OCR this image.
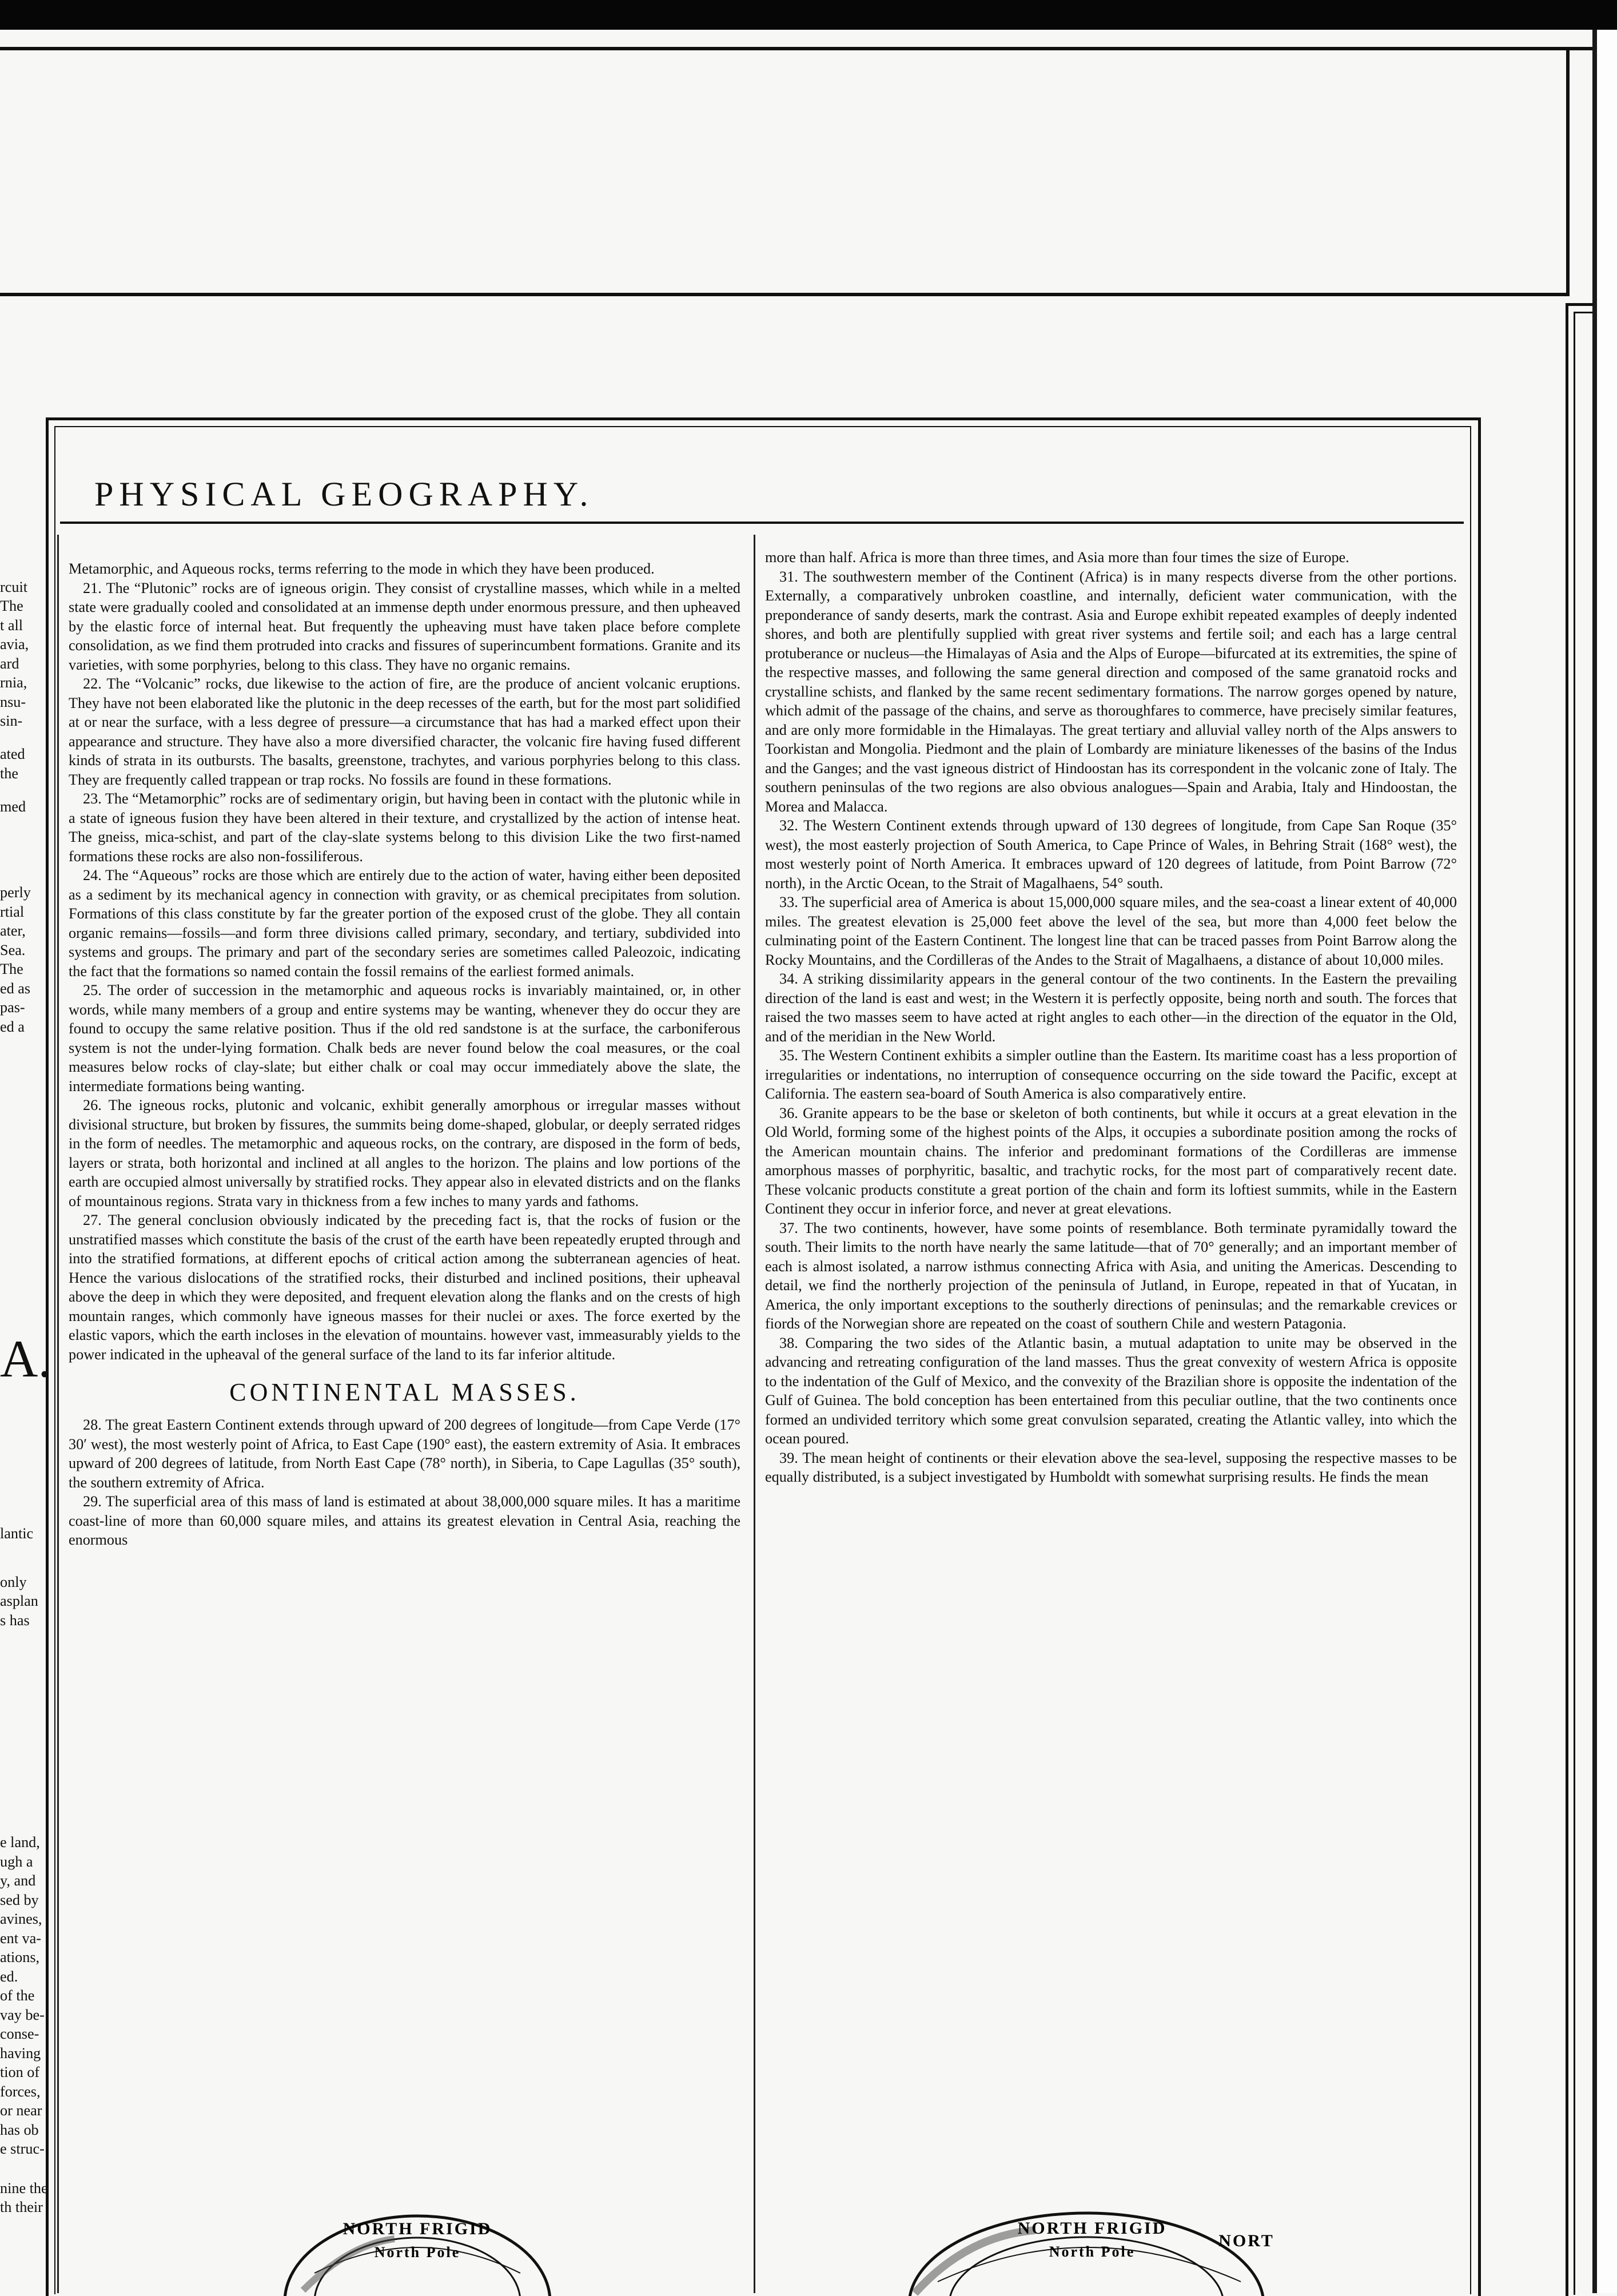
PHYSICAL GEOGRAPHY.
rcuit
The
t all
avia,
ard
rnia,
nsu-
sin-
ated
the
med
perly
rtial
ater,
Sea.
The
ed as
pas-
ed a
lantic
only
asplan
s has
e land,
ugh a
y, and
sed by
avines,
ent va-
ations,
ed.
of the
vay be-
conse-
having
tion of
forces,
or near
has ob
e struc-
nine the
th their
A.

Metamorphic, and Aqueous rocks, terms referring to the mode in which they have been produced.

21. The “Plutonic” rocks are of igneous origin. They consist of crystalline masses, which while in a melted state were gradually cooled and consolidated at an immense depth under enormous pressure, and then upheaved by the elastic force of internal heat. But frequently the upheaving must have taken place before complete consolidation, as we find them protruded into cracks and fissures of superincumbent formations. Granite and its varieties, with some porphyries, belong to this class. They have no organic remains.

22. The “Volcanic” rocks, due likewise to the action of fire, are the produce of ancient volcanic eruptions. They have not been elaborated like the plutonic in the deep recesses of the earth, but for the most part solidified at or near the surface, with a less degree of pressure—a circumstance that has had a marked effect upon their appearance and structure. They have also a more diversified character, the volcanic fire having fused different kinds of strata in its outbursts. The basalts, greenstone, trachytes, and various porphyries belong to this class. They are frequently called trappean or trap rocks. No fossils are found in these formations.

23. The “Metamorphic” rocks are of sedimentary origin, but having been in contact with the plutonic while in a state of igneous fusion they have been altered in their texture, and crystallized by the action of intense heat. The gneiss, mica-schist, and part of the clay-slate systems belong to this division Like the two first-named formations these rocks are also non-fossiliferous.

24. The “Aqueous” rocks are those which are entirely due to the action of water, having either been deposited as a sediment by its mechanical agency in connection with gravity, or as chemical precipitates from solution. Formations of this class constitute by far the greater portion of the exposed crust of the globe. They all contain organic remains—fossils—and form three divisions called primary, secondary, and tertiary, subdivided into systems and groups. The primary and part of the secondary series are sometimes called Paleozoic, indicating the fact that the formations so named contain the fossil remains of the earliest formed animals.

25. The order of succession in the metamorphic and aqueous rocks is invariably maintained, or, in other words, while many members of a group and entire systems may be wanting, whenever they do occur they are found to occupy the same relative position. Thus if the old red sandstone is at the surface, the carboniferous system is not the under-lying formation. Chalk beds are never found below the coal measures, or the coal measures below rocks of clay-slate; but either chalk or coal may occur immediately above the slate, the intermediate formations being wanting.

26. The igneous rocks, plutonic and volcanic, exhibit generally amorphous or irregular masses without divisional structure, but broken by fissures, the summits being dome-shaped, globular, or deeply serrated ridges in the form of needles. The metamorphic and aqueous rocks, on the contrary, are disposed in the form of beds, layers or strata, both horizontal and inclined at all angles to the horizon. The plains and low portions of the earth are occupied almost universally by stratified rocks. They appear also in elevated districts and on the flanks of mountainous regions. Strata vary in thickness from a few inches to many yards and fathoms.

27. The general conclusion obviously indicated by the preceding fact is, that the rocks of fusion or the unstratified masses which constitute the basis of the crust of the earth have been repeatedly erupted through and into the stratified formations, at different epochs of critical action among the subterranean agencies of heat. Hence the various dislocations of the stratified rocks, their disturbed and inclined positions, their upheaval above the deep in which they were deposited, and frequent elevation along the flanks and on the crests of high mountain ranges, which commonly have igneous masses for their nuclei or axes. The force exerted by the elastic vapors, which the earth incloses in the elevation of mountains. however vast, immeasurably yields to the power indicated in the upheaval of the general surface of the land to its far inferior altitude.

CONTINENTAL MASSES.

28. The great Eastern Continent extends through upward of 200 degrees of longitude—from Cape Verde (17° 30′ west), the most westerly point of Africa, to East Cape (190° east), the eastern extremity of Asia. It embraces upward of 200 degrees of latitude, from North East Cape (78° north), in Siberia, to Cape Lagullas (35° south), the southern extremity of Africa.

29. The superficial area of this mass of land is estimated at about 38,000,000 square miles. It has a maritime coast-line of more than 60,000 square miles, and attains its greatest elevation in Central Asia, reaching the enormous

more than half. Africa is more than three times, and Asia more than four times the size of Europe.

31. The southwestern member of the Continent (Africa) is in many respects diverse from the other portions. Externally, a comparatively unbroken coastline, and internally, deficient water communication, with the preponderance of sandy deserts, mark the contrast. Asia and Europe exhibit repeated examples of deeply indented shores, and both are plentifully supplied with great river systems and fertile soil; and each has a large central protuberance or nucleus—the Himalayas of Asia and the Alps of Europe—bifurcated at its extremities, the spine of the respective masses, and following the same general direction and composed of the same granatoid rocks and crystalline schists, and flanked by the same recent sedimentary formations. The narrow gorges opened by nature, which admit of the passage of the chains, and serve as thoroughfares to commerce, have precisely similar features, and are only more formidable in the Himalayas. The great tertiary and alluvial valley north of the Alps answers to Toorkistan and Mongolia. Piedmont and the plain of Lombardy are miniature likenesses of the basins of the Indus and the Ganges; and the vast igneous district of Hindoostan has its correspondent in the volcanic zone of Italy. The southern peninsulas of the two regions are also obvious analogues—Spain and Arabia, Italy and Hindoostan, the Morea and Malacca.

32. The Western Continent extends through upward of 130 degrees of longitude, from Cape San Roque (35° west), the most easterly projection of South America, to Cape Prince of Wales, in Behring Strait (168° west), the most westerly point of North America. It embraces upward of 120 degrees of latitude, from Point Barrow (72° north), in the Arctic Ocean, to the Strait of Magalhaens, 54° south.

33. The superficial area of America is about 15,000,000 square miles, and the sea-coast a linear extent of 40,000 miles. The greatest elevation is 25,000 feet above the level of the sea, but more than 4,000 feet below the culminating point of the Eastern Continent. The longest line that can be traced passes from Point Barrow along the Rocky Mountains, and the Cordilleras of the Andes to the Strait of Magalhaens, a distance of about 10,000 miles.

34. A striking dissimilarity appears in the general contour of the two continents. In the Eastern the prevailing direction of the land is east and west; in the Western it is perfectly opposite, being north and south. The forces that raised the two masses seem to have acted at right angles to each other—in the direction of the equator in the Old, and of the meridian in the New World.

35. The Western Continent exhibits a simpler outline than the Eastern. Its maritime coast has a less proportion of irregularities or indentations, no interruption of consequence occurring on the side toward the Pacific, except at California. The eastern sea-board of South America is also comparatively entire.

36. Granite appears to be the base or skeleton of both continents, but while it occurs at a great elevation in the Old World, forming some of the highest points of the Alps, it occupies a subordinate position among the rocks of the American mountain chains. The inferior and predominant formations of the Cordilleras are immense amorphous masses of porphyritic, basaltic, and trachytic rocks, for the most part of comparatively recent date. These volcanic products constitute a great portion of the chain and form its loftiest summits, while in the Eastern Continent they occur in inferior force, and never at great elevations.

37. The two continents, however, have some points of resemblance. Both terminate pyramidally toward the south. Their limits to the north have nearly the same latitude—that of 70° generally; and an important member of each is almost isolated, a narrow isthmus connecting Africa with Asia, and uniting the Americas. Descending to detail, we find the northerly projection of the peninsula of Jutland, in Europe, repeated in that of Yucatan, in America, the only important exceptions to the southerly directions of peninsulas; and the remarkable crevices or fiords of the Norwegian shore are repeated on the coast of southern Chile and western Patagonia.

38. Comparing the two sides of the Atlantic basin, a mutual adaptation to unite may be observed in the advancing and retreating configuration of the land masses. Thus the great convexity of western Africa is opposite to the indentation of the Gulf of Mexico, and the convexity of the Brazilian shore is opposite the indentation of the Gulf of Guinea. The bold conception has been entertained from this peculiar outline, that the two continents once formed an undivided territory which some great convulsion separated, creating the Atlantic valley, into which the ocean poured.

39. The mean height of continents or their elevation above the sea-level, supposing the respective masses to be equally distributed, is a subject investigated by Humboldt with somewhat surprising results. He finds the mean

NORTH FRIGID
North Pole
NORTH FRIGID
North Pole
NORT
